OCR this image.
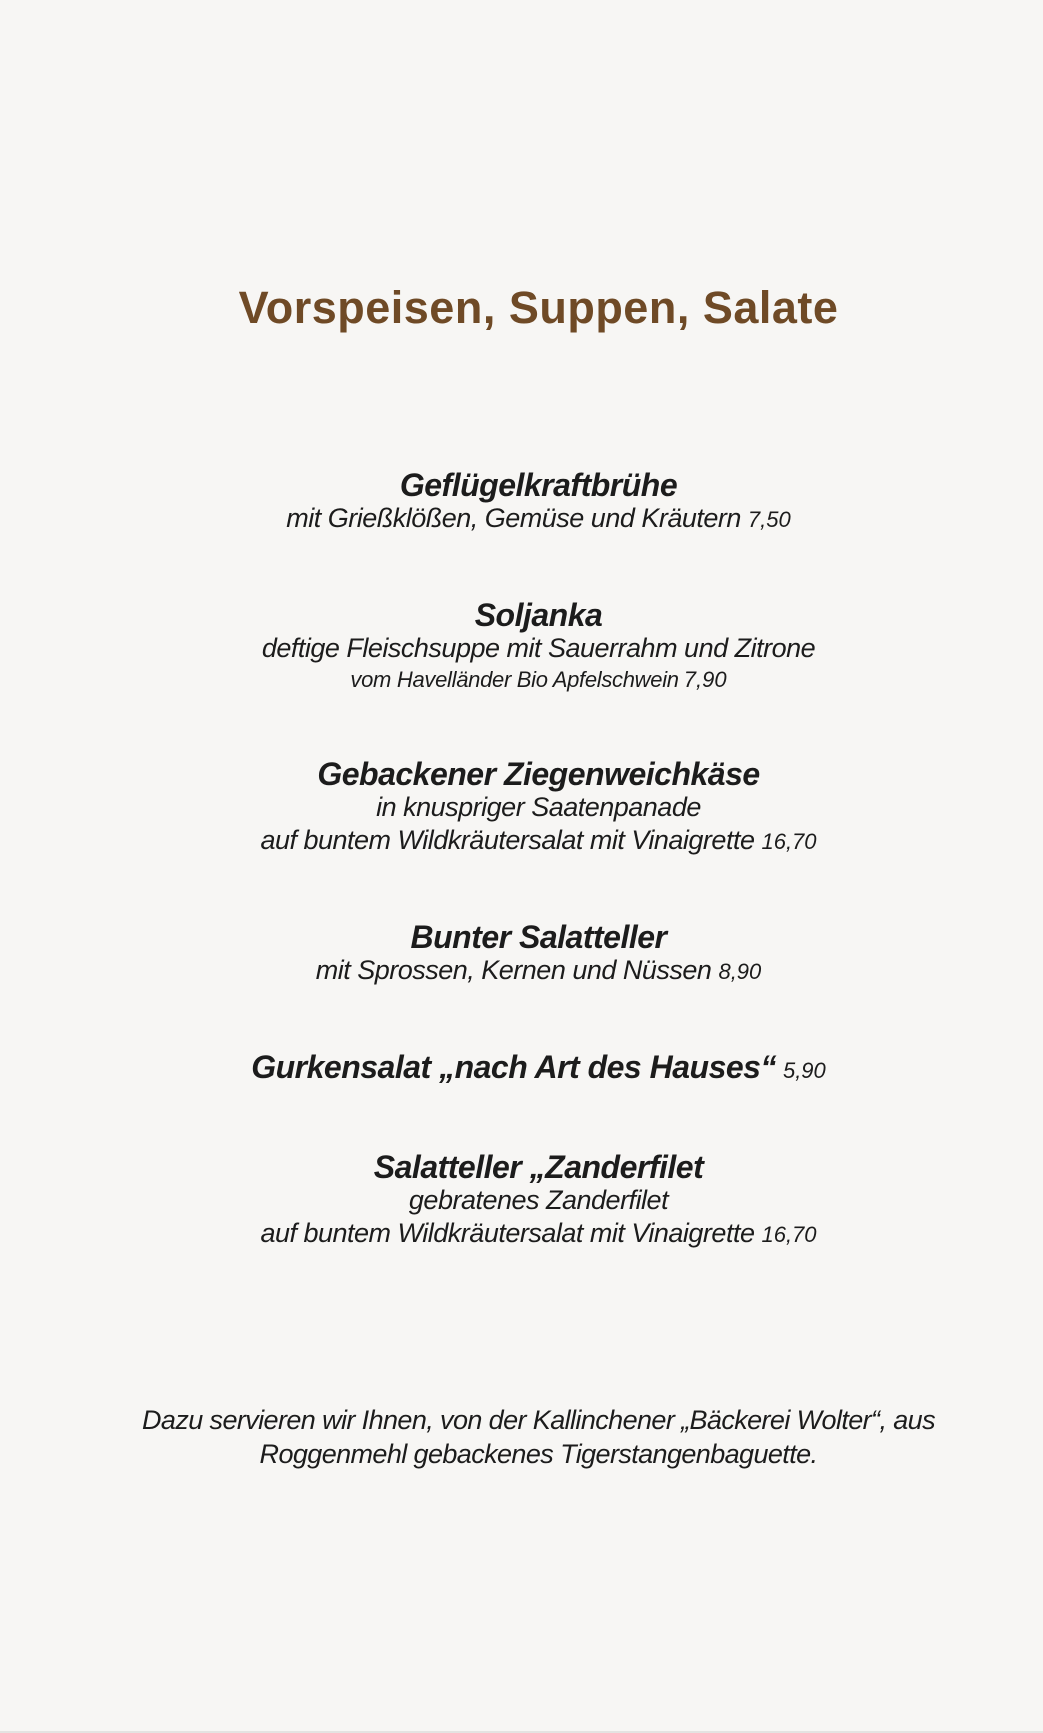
Vorspeisen, Suppen, Salate
Geflügelkraftbrühe
mit Grießklößen, Gemüse und Kräutern 7,50
Soljanka
deftige Fleischsuppe mit Sauerrahm und Zitrone
vom Havelländer Bio Apfelschwein 7,90
Gebackener Ziegenweichkäse
in knuspriger Saatenpanade
auf buntem Wildkräutersalat mit Vinaigrette 16,70
Bunter Salatteller
mit Sprossen, Kernen und Nüssen 8,90
Gurkensalat „nach Art des Hauses“ 5,90
Salatteller „Zanderfilet
gebratenes Zanderfilet
auf buntem Wildkräutersalat mit Vinaigrette 16,70
Dazu servieren wir Ihnen, von der Kallinchener „Bäckerei Wolter“, aus
Roggenmehl gebackenes Tigerstangenbaguette.
